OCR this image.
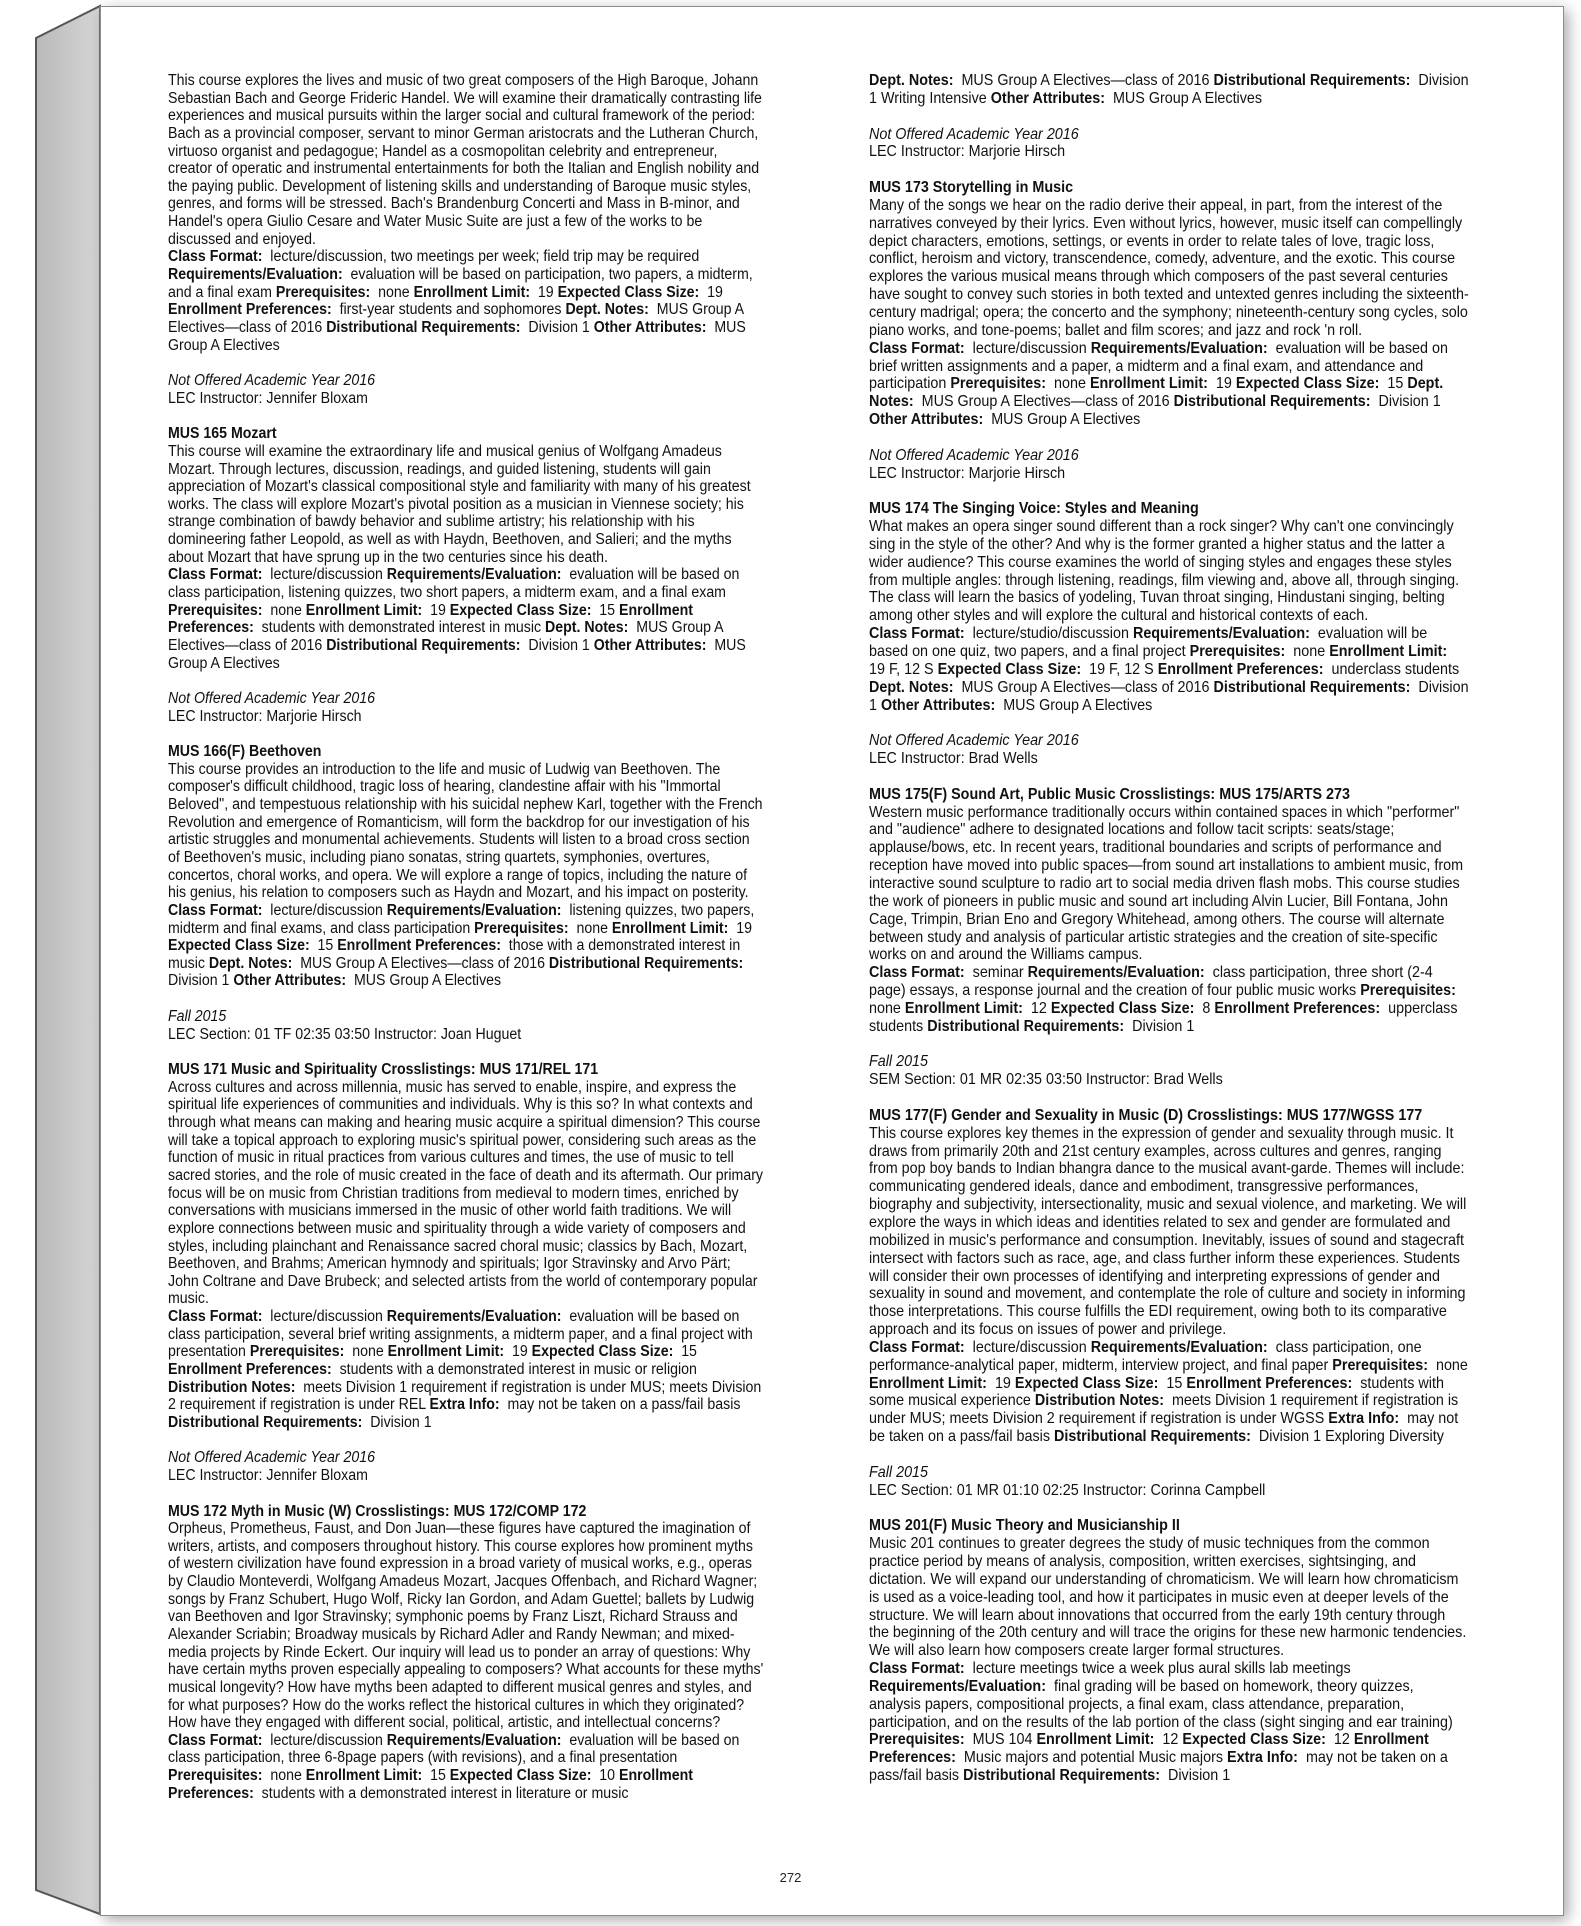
This course explores the lives and music of two great composers of the High Baroque, Johann Sebastian Bach and George Frideric Handel. We will examine their dramatically contrasting life experiences and musical pursuits within the larger social and cultural framework of the period: Bach as a provincial composer, servant to minor German aristocrats and the Lutheran Church, virtuoso organist and pedagogue; Handel as a cosmopolitan celebrity and entrepreneur, creator of operatic and instrumental entertainments for both the Italian and English nobility and the paying public. Development of listening skills and understanding of Baroque music styles, genres, and forms will be stressed. Bach's Brandenburg Concerti and Mass in B-minor, and Handel's opera Giulio Cesare and Water Music Suite are just a few of the works to be discussed and enjoyed.
Class Format: lecture/discussion, two meetings per week; field trip may be required Requirements/Evaluation: evaluation will be based on participation, two papers, a midterm, and a final exam Prerequisites: none Enrollment Limit: 19 Expected Class Size: 19 Enrollment Preferences: first-year students and sophomores Dept. Notes: MUS Group A Electives—class of 2016 Distributional Requirements: Division 1 Other Attributes: MUS Group A Electives
Not Offered Academic Year 2016
LEC Instructor: Jennifer Bloxam
MUS 165 Mozart
This course will examine the extraordinary life and musical genius of Wolfgang Amadeus Mozart. Through lectures, discussion, readings, and guided listening, students will gain appreciation of Mozart's classical compositional style and familiarity with many of his greatest works. The class will explore Mozart's pivotal position as a musician in Viennese society; his strange combination of bawdy behavior and sublime artistry; his relationship with his domineering father Leopold, as well as with Haydn, Beethoven, and Salieri; and the myths about Mozart that have sprung up in the two centuries since his death.
Class Format: lecture/discussion Requirements/Evaluation: evaluation will be based on class participation, listening quizzes, two short papers, a midterm exam, and a final exam Prerequisites: none Enrollment Limit: 19 Expected Class Size: 15 Enrollment Preferences: students with demonstrated interest in music Dept. Notes: MUS Group A Electives—class of 2016 Distributional Requirements: Division 1 Other Attributes: MUS Group A Electives
Not Offered Academic Year 2016
LEC Instructor: Marjorie Hirsch
MUS 166(F) Beethoven
This course provides an introduction to the life and music of Ludwig van Beethoven. The composer's difficult childhood, tragic loss of hearing, clandestine affair with his "Immortal Beloved", and tempestuous relationship with his suicidal nephew Karl, together with the French Revolution and emergence of Romanticism, will form the backdrop for our investigation of his artistic struggles and monumental achievements. Students will listen to a broad cross section of Beethoven's music, including piano sonatas, string quartets, symphonies, overtures, concertos, choral works, and opera. We will explore a range of topics, including the nature of his genius, his relation to composers such as Haydn and Mozart, and his impact on posterity.
Class Format: lecture/discussion Requirements/Evaluation: listening quizzes, two papers, midterm and final exams, and class participation Prerequisites: none Enrollment Limit: 19 Expected Class Size: 15 Enrollment Preferences: those with a demonstrated interest in music Dept. Notes: MUS Group A Electives—class of 2016 Distributional Requirements:  Division 1 Other Attributes: MUS Group A Electives
Fall 2015
LEC Section: 01 TF 02:35 03:50 Instructor: Joan Huguet
MUS 171 Music and Spirituality Crosslistings: MUS 171/REL 171
Across cultures and across millennia, music has served to enable, inspire, and express the spiritual life experiences of communities and individuals. Why is this so? In what contexts and through what means can making and hearing music acquire a spiritual dimension? This course will take a topical approach to exploring music's spiritual power, considering such areas as the function of music in ritual practices from various cultures and times, the use of music to tell sacred stories, and the role of music created in the face of death and its aftermath. Our primary focus will be on music from Christian traditions from medieval to modern times, enriched by conversations with musicians immersed in the music of other world faith traditions. We will explore connections between music and spirituality through a wide variety of composers and styles, including plainchant and Renaissance sacred choral music; classics by Bach, Mozart, Beethoven, and Brahms; American hymnody and spirituals; Igor Stravinsky and Arvo Pärt; John Coltrane and Dave Brubeck; and selected artists from the world of contemporary popular music.
Class Format: lecture/discussion Requirements/Evaluation: evaluation will be based on class participation, several brief writing assignments, a midterm paper, and a final project with presentation Prerequisites: none Enrollment Limit: 19 Expected Class Size: 15 Enrollment Preferences: students with a demonstrated interest in music or religion Distribution Notes: meets Division 1 requirement if registration is under MUS; meets Division 2 requirement if registration is under REL Extra Info: may not be taken on a pass/fail basis Distributional Requirements: Division 1
Not Offered Academic Year 2016
LEC Instructor: Jennifer Bloxam
MUS 172 Myth in Music (W) Crosslistings: MUS 172/COMP 172
Orpheus, Prometheus, Faust, and Don Juan—these figures have captured the imagination of writers, artists, and composers throughout history. This course explores how prominent myths of western civilization have found expression in a broad variety of musical works, e.g., operas by Claudio Monteverdi, Wolfgang Amadeus Mozart, Jacques Offenbach, and Richard Wagner; songs by Franz Schubert, Hugo Wolf, Ricky Ian Gordon, and Adam Guettel; ballets by Ludwig van Beethoven and Igor Stravinsky; symphonic poems by Franz Liszt, Richard Strauss and Alexander Scriabin; Broadway musicals by Richard Adler and Randy Newman; and mixed-media projects by Rinde Eckert. Our inquiry will lead us to ponder an array of questions: Why have certain myths proven especially appealing to composers? What accounts for these myths' musical longevity? How have myths been adapted to different musical genres and styles, and for what purposes? How do the works reflect the historical cultures in which they originated? How have they engaged with different social, political, artistic, and intellectual concerns?
Class Format: lecture/discussion Requirements/Evaluation: evaluation will be based on class participation, three 6-8page papers (with revisions), and a final presentation Prerequisites: none Enrollment Limit: 15 Expected Class Size: 10 Enrollment Preferences: students with a demonstrated interest in literature or music
Dept. Notes: MUS Group A Electives—class of 2016 Distributional Requirements: Division 1 Writing Intensive Other Attributes: MUS Group A Electives
Not Offered Academic Year 2016
LEC Instructor: Marjorie Hirsch
MUS 173 Storytelling in Music
Many of the songs we hear on the radio derive their appeal, in part, from the interest of the narratives conveyed by their lyrics. Even without lyrics, however, music itself can compellingly depict characters, emotions, settings, or events in order to relate tales of love, tragic loss, conflict, heroism and victory, transcendence, comedy, adventure, and the exotic. This course explores the various musical means through which composers of the past several centuries have sought to convey such stories in both texted and untexted genres including the sixteenth-century madrigal; opera; the concerto and the symphony; nineteenth-century song cycles, solo piano works, and tone-poems; ballet and film scores; and jazz and rock 'n roll.
Class Format: lecture/discussion Requirements/Evaluation: evaluation will be based on brief written assignments and a paper, a midterm and a final exam, and attendance and participation Prerequisites: none Enrollment Limit: 19 Expected Class Size: 15 Dept. Notes: MUS Group A Electives—class of 2016 Distributional Requirements: Division 1 Other Attributes: MUS Group A Electives
Not Offered Academic Year 2016
LEC Instructor: Marjorie Hirsch
MUS 174 The Singing Voice: Styles and Meaning
What makes an opera singer sound different than a rock singer? Why can't one convincingly sing in the style of the other? And why is the former granted a higher status and the latter a wider audience? This course examines the world of singing styles and engages these styles from multiple angles: through listening, readings, film viewing and, above all, through singing. The class will learn the basics of yodeling, Tuvan throat singing, Hindustani singing, belting among other styles and will explore the cultural and historical contexts of each.
Class Format: lecture/studio/discussion Requirements/Evaluation: evaluation will be based on one quiz, two papers, and a final project Prerequisites: none Enrollment Limit:  19 F, 12 S Expected Class Size: 19 F, 12 S Enrollment Preferences: underclass students Dept. Notes: MUS Group A Electives—class of 2016 Distributional Requirements: Division 1 Other Attributes: MUS Group A Electives
Not Offered Academic Year 2016
LEC Instructor: Brad Wells
MUS 175(F) Sound Art, Public Music Crosslistings: MUS 175/ARTS 273
Western music performance traditionally occurs within contained spaces in which "performer" and "audience" adhere to designated locations and follow tacit scripts: seats/stage; applause/bows, etc. In recent years, traditional boundaries and scripts of performance and reception have moved into public spaces—from sound art installations to ambient music, from interactive sound sculpture to radio art to social media driven flash mobs. This course studies the work of pioneers in public music and sound art including Alvin Lucier, Bill Fontana, John Cage, Trimpin, Brian Eno and Gregory Whitehead, among others. The course will alternate between study and analysis of particular artistic strategies and the creation of site-specific works on and around the Williams campus.
Class Format: seminar Requirements/Evaluation: class participation, three short (2-4 page) essays, a response journal and the creation of four public music works Prerequisites:  none Enrollment Limit: 12 Expected Class Size: 8 Enrollment Preferences: upperclass students Distributional Requirements: Division 1
Fall 2015
SEM Section: 01 MR 02:35 03:50 Instructor: Brad Wells
MUS 177(F) Gender and Sexuality in Music (D) Crosslistings: MUS 177/WGSS 177
This course explores key themes in the expression of gender and sexuality through music. It draws from primarily 20th and 21st century examples, across cultures and genres, ranging from pop boy bands to Indian bhangra dance to the musical avant-garde. Themes will include: communicating gendered ideals, dance and embodiment, transgressive performances, biography and subjectivity, intersectionality, music and sexual violence, and marketing. We will explore the ways in which ideas and identities related to sex and gender are formulated and mobilized in music's performance and consumption. Inevitably, issues of sound and stagecraft intersect with factors such as race, age, and class further inform these experiences. Students will consider their own processes of identifying and interpreting expressions of gender and sexuality in sound and movement, and contemplate the role of culture and society in informing those interpretations. This course fulfills the EDI requirement, owing both to its comparative approach and its focus on issues of power and privilege.
Class Format: lecture/discussion Requirements/Evaluation: class participation, one performance-analytical paper, midterm, interview project, and final paper Prerequisites: none Enrollment Limit: 19 Expected Class Size: 15 Enrollment Preferences: students with some musical experience Distribution Notes: meets Division 1 requirement if registration is under MUS; meets Division 2 requirement if registration is under WGSS Extra Info: may not be taken on a pass/fail basis Distributional Requirements: Division 1 Exploring Diversity
Fall 2015
LEC Section: 01 MR 01:10 02:25 Instructor: Corinna Campbell
MUS 201(F) Music Theory and Musicianship II
Music 201 continues to greater degrees the study of music techniques from the common practice period by means of analysis, composition, written exercises, sightsinging, and dictation. We will expand our understanding of chromaticism. We will learn how chromaticism is used as a voice-leading tool, and how it participates in music even at deeper levels of the structure. We will learn about innovations that occurred from the early 19th century through the beginning of the 20th century and will trace the origins for these new harmonic tendencies. We will also learn how composers create larger formal structures.
Class Format: lecture meetings twice a week plus aural skills lab meetings Requirements/Evaluation: final grading will be based on homework, theory quizzes, analysis papers, compositional projects, a final exam, class attendance, preparation, participation, and on the results of the lab portion of the class (sight singing and ear training) Prerequisites: MUS 104 Enrollment Limit: 12 Expected Class Size: 12 Enrollment Preferences: Music majors and potential Music majors Extra Info: may not be taken on a pass/fail basis Distributional Requirements: Division 1
272
